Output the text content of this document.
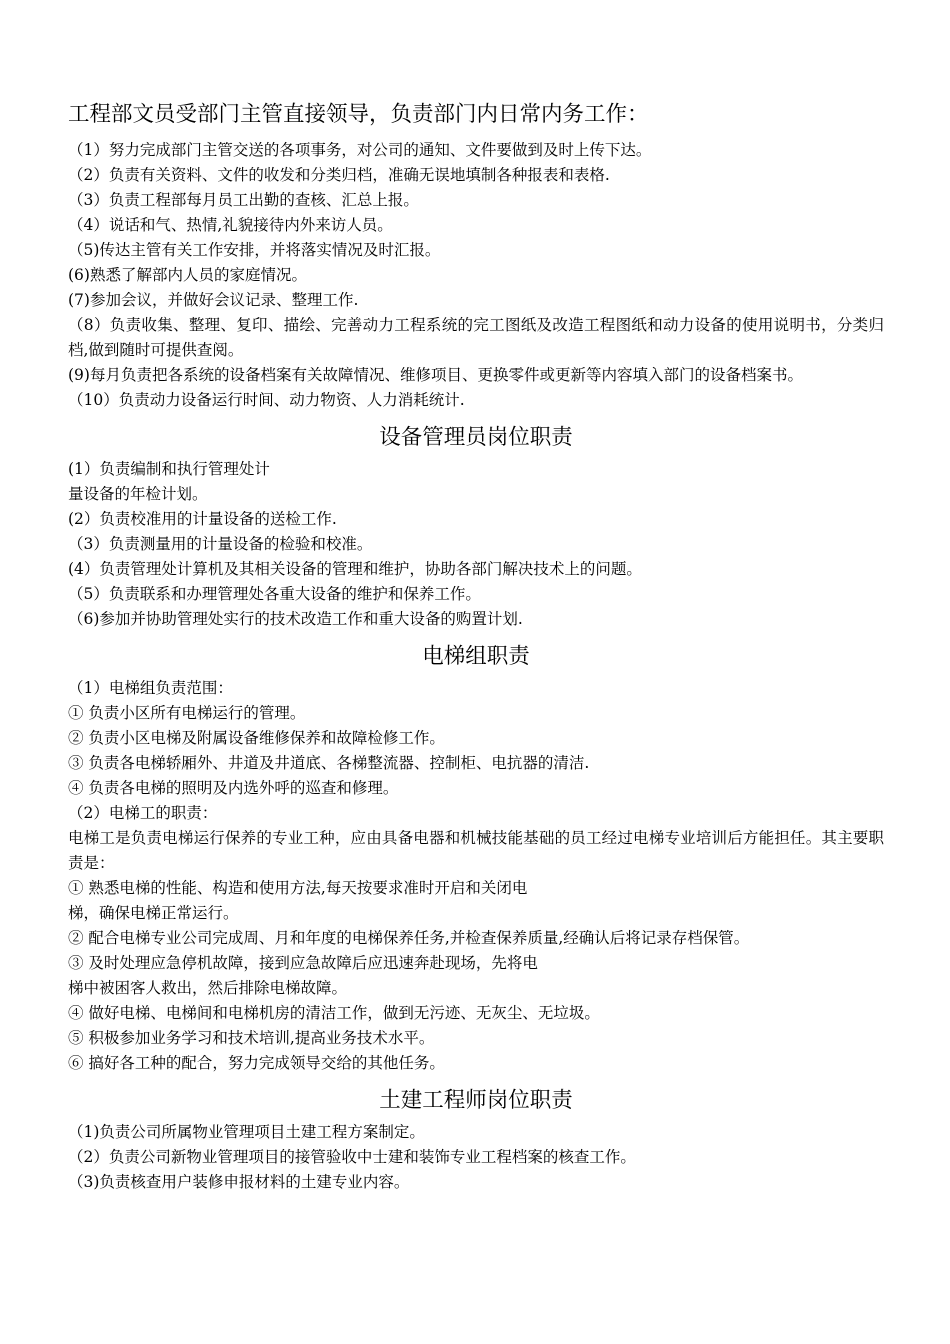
工程部文员受部门主管直接领导，负责部门内日常内务工作：
（1）努力完成部门主管交送的各项事务，对公司的通知、文件要做到及时上传下达。
（2）负责有关资料、文件的收发和分类归档，准确无误地填制各种报表和表格.
（3）负责工程部每月员工出勤的查核、汇总上报。
（4）说话和气、热情,礼貌接待内外来访人员。
（5)传达主管有关工作安排，并将落实情况及时汇报。
(6)熟悉了解部内人员的家庭情况。
(7)参加会议，并做好会议记录、整理工作.
（8）负责收集、整理、复印、描绘、完善动力工程系统的完工图纸及改造工程图纸和动力设备的使用说明书，分类归档,做到随时可提供查阅。
(9)每月负责把各系统的设备档案有关故障情况、维修项目、更换零件或更新等内容填入部门的设备档案书。
（10）负责动力设备运行时间、动力物资、人力消耗统计.
设备管理员岗位职责
(1）负责编制和执行管理处计
量设备的年检计划。
(2）负责校准用的计量设备的送检工作.
（3）负责测量用的计量设备的检验和校准。
(4）负责管理处计算机及其相关设备的管理和维护，协助各部门解决技术上的问题。
（5）负责联系和办理管理处各重大设备的维护和保养工作。
（6)参加并协助管理处实行的技术改造工作和重大设备的购置计划.
电梯组职责
（1）电梯组负责范围：
① 负责小区所有电梯运行的管理。
② 负责小区电梯及附属设备维修保养和故障检修工作。
③ 负责各电梯轿厢外、井道及井道底、各梯整流器、控制柜、电抗器的清洁.
④ 负责各电梯的照明及内选外呼的巡查和修理。
（2）电梯工的职责：
电梯工是负责电梯运行保养的专业工种，应由具备电器和机械技能基础的员工经过电梯专业培训后方能担任。其主要职责是：
① 熟悉电梯的性能、构造和使用方法,每天按要求准时开启和关闭电
梯，确保电梯正常运行。
② 配合电梯专业公司完成周、月和年度的电梯保养任务,并检查保养质量,经确认后将记录存档保管。
③ 及时处理应急停机故障，接到应急故障后应迅速奔赴现场，先将电
梯中被困客人救出，然后排除电梯故障。
④ 做好电梯、电梯间和电梯机房的清洁工作，做到无污迹、无灰尘、无垃圾。
⑤ 积极参加业务学习和技术培训,提高业务技术水平。
⑥ 搞好各工种的配合，努力完成领导交给的其他任务。
土建工程师岗位职责
（1)负责公司所属物业管理项目土建工程方案制定。
（2）负责公司新物业管理项目的接管验收中士建和装饰专业工程档案的核查工作。
（3)负责核查用户装修申报材料的土建专业内容。
